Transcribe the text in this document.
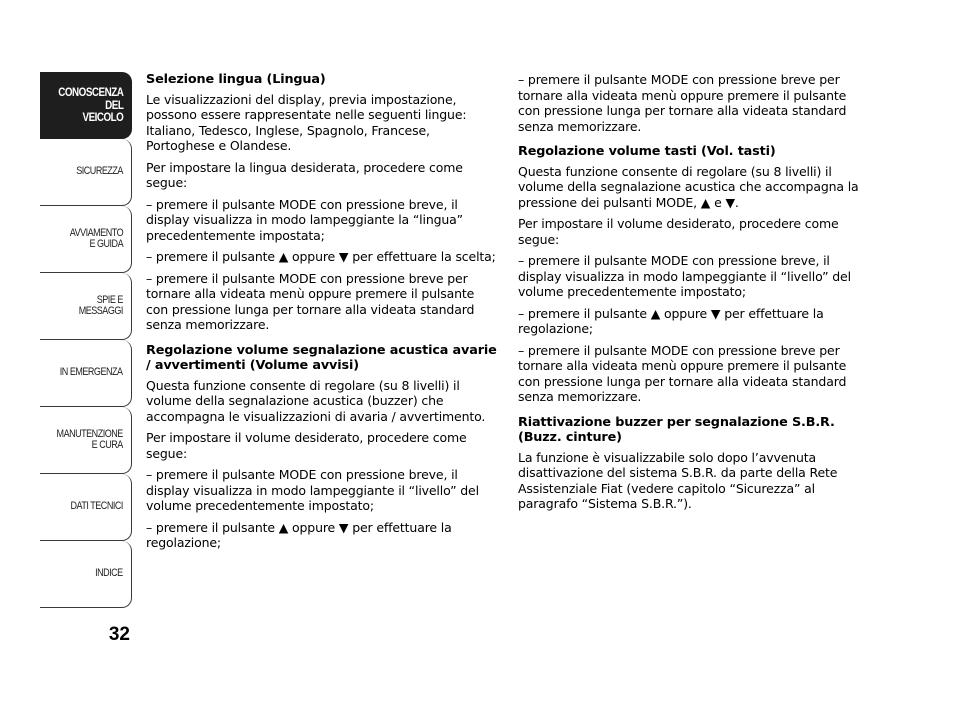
CONOSCENZA
DEL
VEICOLO
SICUREZZA
AVVIAMENTO
E GUIDA
SPIE E
MESSAGGI
IN EMERGENZA
MANUTENZIONE
E CURA
DATI TECNICI
INDICE
32
Selezione lingua (Lingua)

Le visualizzazioni del display, previa impostazione, possono essere rappresentate nelle seguenti lingue: Italiano, Tedesco, Inglese, Spagnolo, Francese, Portoghese e Olandese.

Per impostare la lingua desiderata, procedere come segue:

– premere il pulsante MODE con pressione breve, il display visualizza in modo lampeggiante la “lingua” precedentemente impostata;

– premere il pulsante ▲ oppure ▼ per effettuare la scelta;

– premere il pulsante MODE con pressione breve per tornare alla videata menù oppure premere il pulsante con pressione lunga per tornare alla videata standard senza memorizzare.

Regolazione volume segnalazione acustica avarie / avvertimenti (Volume avvisi)

Questa funzione consente di regolare (su 8 livelli) il volume della segnalazione acustica (buzzer) che accompagna le visualizzazioni di avaria / avvertimento.

Per impostare il volume desiderato, procedere come segue:

– premere il pulsante MODE con pressione breve, il display visualizza in modo lampeggiante il “livello” del volume precedentemente impostato;

– premere il pulsante ▲ oppure ▼ per effettuare la regolazione;

– premere il pulsante MODE con pressione breve per tornare alla videata menù oppure premere il pulsante con pressione lunga per tornare alla videata standard senza memorizzare.

Regolazione volume tasti (Vol. tasti)

Questa funzione consente di regolare (su 8 livelli) il volume della segnalazione acustica che accompagna la pressione dei pulsanti MODE, ▲ e ▼.

Per impostare il volume desiderato, procedere come segue:

– premere il pulsante MODE con pressione breve, il display visualizza in modo lampeggiante il “livello” del volume precedentemente impostato;

– premere il pulsante ▲ oppure ▼ per effettuare la regolazione;

– premere il pulsante MODE con pressione breve per tornare alla videata menù oppure premere il pulsante con pressione lunga per tornare alla videata standard senza memorizzare.

Riattivazione buzzer per segnalazione S.B.R. (Buzz. cinture)

La funzione è visualizzabile solo dopo l’avvenuta disattivazione del sistema S.B.R. da parte della Rete Assistenziale Fiat (vedere capitolo “Sicurezza” al paragrafo “Sistema S.B.R.”).
